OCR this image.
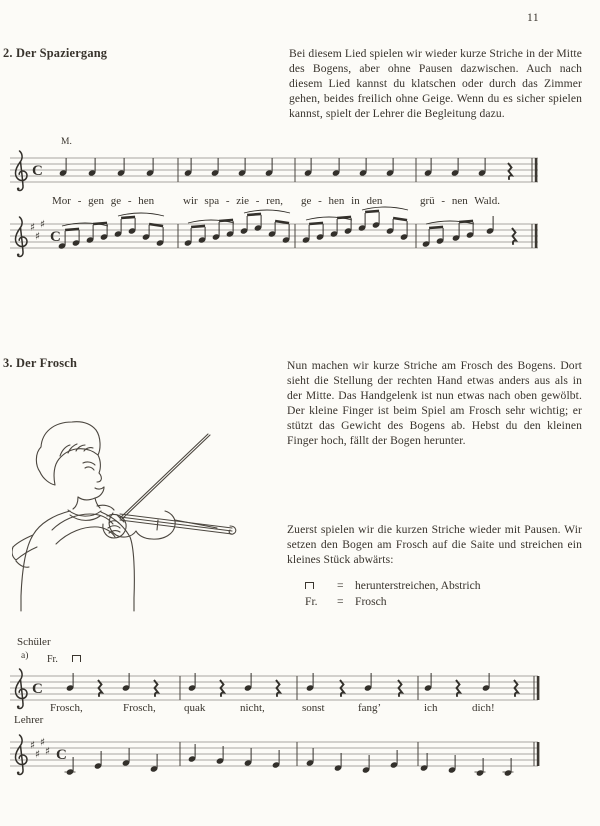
11
2. Der Spaziergang	Bei diesem Lied spielen wir wieder kurze Striche in der Mitte des Bogens, aber ohne Pausen dazwischen. Auch nach diesem Lied kannst du klatschen oder durch das Zimmer gehen, beides freilich ohne Geige. Wenn du es sicher spielen kannst, spielt der Lehrer die Begleitung dazu.

M.
C
♯
♯
♯
C
Mor - gen ge - hen	wir spa - zie - ren, ge - hen in den	grü - nen Wald.
3. Der Frosch	Nun machen wir kurze Striche am Frosch des Bogens. Dort sieht die Stellung der rechten Hand etwas anders aus als in der Mitte. Das Handgelenk ist nun etwas nach oben gewölbt. Der kleine Finger ist beim Spiel am Frosch sehr wichtig; er stützt das Gewicht des Bogens ab. Hebst du den kleinen Finger hoch, fällt der Bogen herunter.

Zuerst spielen wir die kurzen Striche wieder mit Pausen. Wir setzen den Bogen am Frosch auf die Saite und streichen ein kleines Stück abwärts:

= herunterstreichen, Abstrich
Fr.	= Frosch
Schüler
a) Fr.
C
♯
♯
♯
♯ C
Frosch,	Frosch,	quak	nicht,	sonst	fang’	ich	dich!
Lehrer
